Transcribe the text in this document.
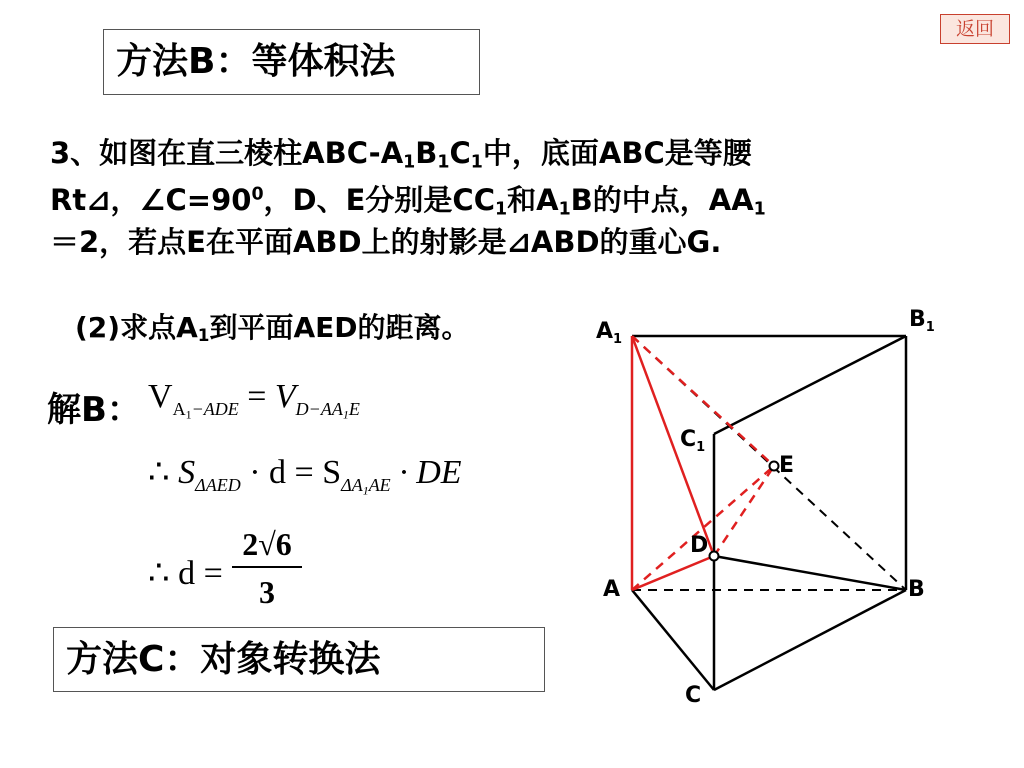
返回
方法B：等体积法
3、如图在直三棱柱ABC-$A_1B_1C_1$中，底面ABC是等腰
Rt⊿，$\angle C=90^0$，D、E分别是$CC_1$和$A_1B$的中点，$AA_1$
＝2，若点E在平面ABD上的射影是⊿ABD的重心G.
(2)求点$A_1$到平面AED的距离。
解B： $V_{A_1-ADE} = V_{D-AA_1E}$
∴ $S_{\Delta AED} \cdot d = S_{\Delta A_1AE}$ · DE
∴ $d = \frac{2√6}{3}$
方法C：对象转换法
$A_1$
$B_1$
$C_1$
E
D
A	B
C
